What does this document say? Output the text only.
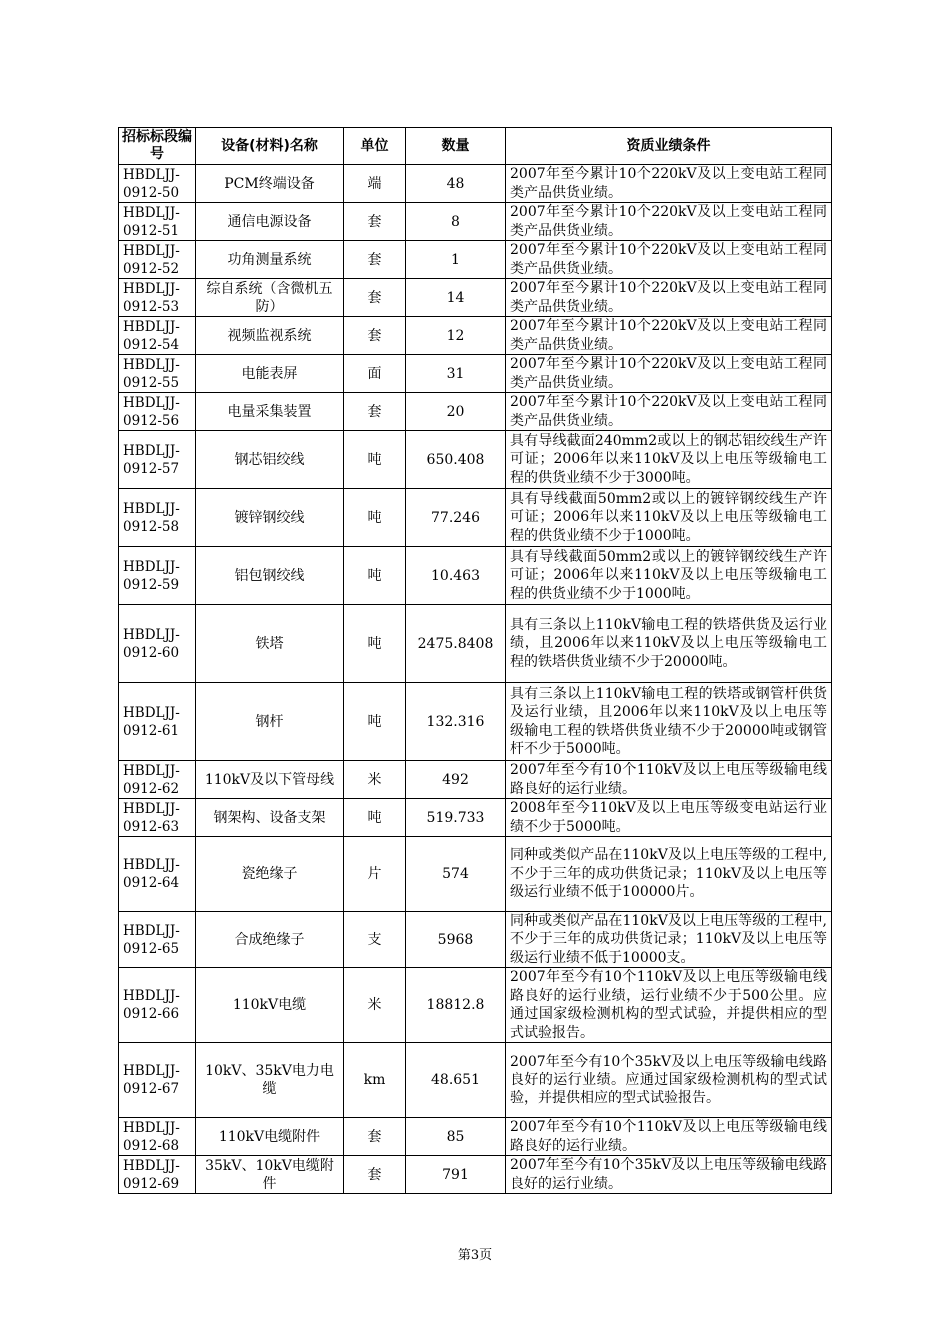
招标标段编号	设备(材料)名称	单位	数量	资质业绩条件
HBDLJJ-0912-50	PCM终端设备	端	48	2007年至今累计10个220kV及以上变电站工程同类产品供货业绩。
HBDLJJ-0912-51	通信电源设备	套	8	2007年至今累计10个220kV及以上变电站工程同类产品供货业绩。
HBDLJJ-0912-52	功角测量系统	套	1	2007年至今累计10个220kV及以上变电站工程同类产品供货业绩。
HBDLJJ-0912-53	综自系统（含微机五防）	套	14	2007年至今累计10个220kV及以上变电站工程同类产品供货业绩。
HBDLJJ-0912-54	视频监视系统	套	12	2007年至今累计10个220kV及以上变电站工程同类产品供货业绩。
HBDLJJ-0912-55	电能表屏	面	31	2007年至今累计10个220kV及以上变电站工程同类产品供货业绩。
HBDLJJ-0912-56	电量采集装置	套	20	2007年至今累计10个220kV及以上变电站工程同类产品供货业绩。
HBDLJJ-0912-57	钢芯铝绞线	吨	650.408	具有导线截面240mm2或以上的钢芯铝绞线生产许可证；2006年以来110kV及以上电压等级输电工程的供货业绩不少于3000吨。
HBDLJJ-0912-58	镀锌钢绞线	吨	77.246	具有导线截面50mm2或以上的镀锌钢绞线生产许可证；2006年以来110kV及以上电压等级输电工程的供货业绩不少于1000吨。
HBDLJJ-0912-59	铝包钢绞线	吨	10.463	具有导线截面50mm2或以上的镀锌钢绞线生产许可证；2006年以来110kV及以上电压等级输电工程的供货业绩不少于1000吨。
HBDLJJ-0912-60	铁塔	吨	2475.8408	具有三条以上110kV输电工程的铁塔供货及运行业绩，且2006年以来110kV及以上电压等级输电工程的铁塔供货业绩不少于20000吨。
HBDLJJ-0912-61	钢杆	吨	132.316	具有三条以上110kV输电工程的铁塔或钢管杆供货及运行业绩，且2006年以来110kV及以上电压等级输电工程的铁塔供货业绩不少于20000吨或钢管杆不少于5000吨。
HBDLJJ-0912-62	110kV及以下管母线	米	492	2007年至今有10个110kV及以上电压等级输电线路良好的运行业绩。
HBDLJJ-0912-63	钢架构、设备支架	吨	519.733	2008年至今110kV及以上电压等级变电站运行业绩不少于5000吨。
HBDLJJ-0912-64	瓷绝缘子	片	574	同种或类似产品在110kV及以上电压等级的工程中,不少于三年的成功供货记录；110kV及以上电压等级运行业绩不低于100000片。
HBDLJJ-0912-65	合成绝缘子	支	5968	同种或类似产品在110kV及以上电压等级的工程中,不少于三年的成功供货记录；110kV及以上电压等级运行业绩不低于10000支。
HBDLJJ-0912-66	110kV电缆	米	18812.8	2007年至今有10个110kV及以上电压等级输电线路良好的运行业绩，运行业绩不少于500公里。应通过国家级检测机构的型式试验，并提供相应的型式试验报告。
HBDLJJ-0912-67	10kV、35kV电力电缆	km	48.651	2007年至今有10个35kV及以上电压等级输电线路良好的运行业绩。应通过国家级检测机构的型式试验，并提供相应的型式试验报告。
HBDLJJ-0912-68	110kV电缆附件	套	85	2007年至今有10个110kV及以上电压等级输电线路良好的运行业绩。
HBDLJJ-0912-69	35kV、10kV电缆附件	套	791	2007年至今有10个35kV及以上电压等级输电线路良好的运行业绩。
第3页
